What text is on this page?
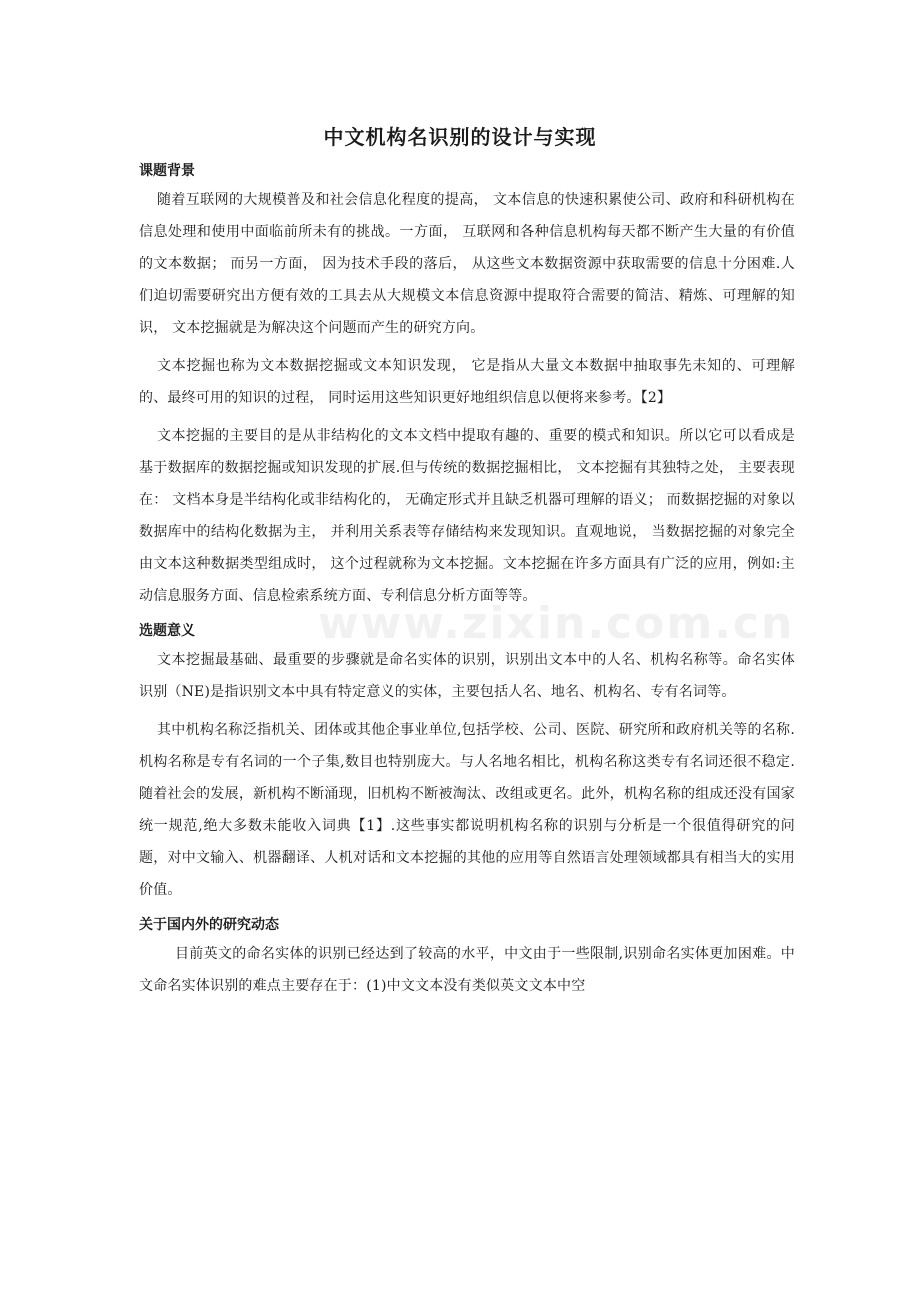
中文机构名识别的设计与实现
www.zixin.com.cn
课题背景

随着互联网的大规模普及和社会信息化程度的提高， 文本信息的快速积累使公司、政府和科研机构在信息处理和使用中面临前所未有的挑战。一方面， 互联网和各种信息机构每天都不断产生大量的有价值的文本数据； 而另一方面， 因为技术手段的落后， 从这些文本数据资源中获取需要的信息十分困难.人们迫切需要研究出方便有效的工具去从大规模文本信息资源中提取符合需要的简洁、精炼、可理解的知识， 文本挖掘就是为解决这个问题而产生的研究方向。

文本挖掘也称为文本数据挖掘或文本知识发现， 它是指从大量文本数据中抽取事先未知的、可理解的、最终可用的知识的过程， 同时运用这些知识更好地组织信息以便将来参考。【2】

文本挖掘的主要目的是从非结构化的文本文档中提取有趣的、重要的模式和知识。所以它可以看成是基于数据库的数据挖掘或知识发现的扩展.但与传统的数据挖掘相比， 文本挖掘有其独特之处， 主要表现在： 文档本身是半结构化或非结构化的， 无确定形式并且缺乏机器可理解的语义； 而数据挖掘的对象以数据库中的结构化数据为主， 并利用关系表等存储结构来发现知识。直观地说， 当数据挖掘的对象完全由文本这种数据类型组成时， 这个过程就称为文本挖掘。文本挖掘在许多方面具有广泛的应用，例如:主动信息服务方面、信息检索系统方面、专利信息分析方面等等。

选题意义

文本挖掘最基础、最重要的步骤就是命名实体的识别，识别出文本中的人名、机构名称等。命名实体识别（NE)是指识别文本中具有特定意义的实体，主要包括人名、地名、机构名、专有名词等。

其中机构名称泛指机关、团体或其他企事业单位,包括学校、公司、医院、研究所和政府机关等的名称.机构名称是专有名词的一个子集,数目也特别庞大。与人名地名相比，机构名称这类专有名词还很不稳定. 随着社会的发展，新机构不断涌现，旧机构不断被淘汰、改组或更名。此外，机构名称的组成还没有国家统一规范,绝大多数未能收入词典【1】.这些事实都说明机构名称的识别与分析是一个很值得研究的问题，对中文输入、机器翻译、人机对话和文本挖掘的其他的应用等自然语言处理领域都具有相当大的实用价值。

关于国内外的研究动态

目前英文的命名实体的识别已经达到了较高的水平，中文由于一些限制,识别命名实体更加困难。中文命名实体识别的难点主要存在于：(1)中文文本没有类似英文文本中空
